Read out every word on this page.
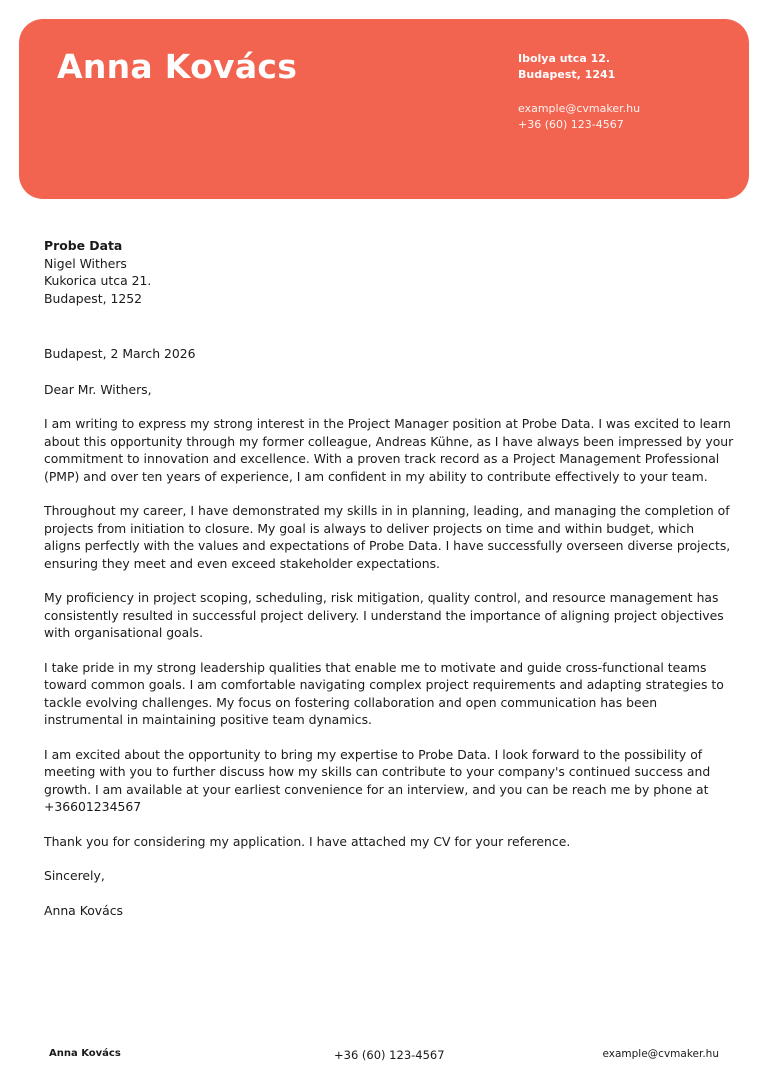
Anna Kovács	Ibolya utca 12.
Budapest, 1241
example@cvmaker.hu
+36 (60) 123-4567
Probe Data
Nigel Withers
Kukorica utca 21.
Budapest, 1252
Budapest, 2 March 2026
Dear Mr. Withers,
I am writing to express my strong interest in the Project Manager position at Probe Data. I was excited to learn about this opportunity through my former colleague, Andreas Kühne, as I have always been impressed by your commitment to innovation and excellence. With a proven track record as a Project Management Professional (PMP) and over ten years of experience, I am confident in my ability to contribute effectively to your team.
Throughout my career, I have demonstrated my skills in in planning, leading, and managing the completion of projects from initiation to closure. My goal is always to deliver projects on time and within budget, which aligns perfectly with the values and expectations of Probe Data. I have successfully overseen diverse projects, ensuring they meet and even exceed stakeholder expectations.
My proficiency in project scoping, scheduling, risk mitigation, quality control, and resource management has consistently resulted in successful project delivery. I understand the importance of aligning project objectives with organisational goals.
I take pride in my strong leadership qualities that enable me to motivate and guide cross-functional teams toward common goals. I am comfortable navigating complex project requirements and adapting strategies to tackle evolving challenges. My focus on fostering collaboration and open communication has been instrumental in maintaining positive team dynamics.
I am excited about the opportunity to bring my expertise to Probe Data. I look forward to the possibility of meeting with you to further discuss how my skills can contribute to your company's continued success and growth. I am available at your earliest convenience for an interview, and you can be reach me by phone at +36601234567
Thank you for considering my application. I have attached my CV for your reference.
Sincerely,
Anna Kovács
Anna Kovács	+36 (60) 123-4567	example@cvmaker.hu
